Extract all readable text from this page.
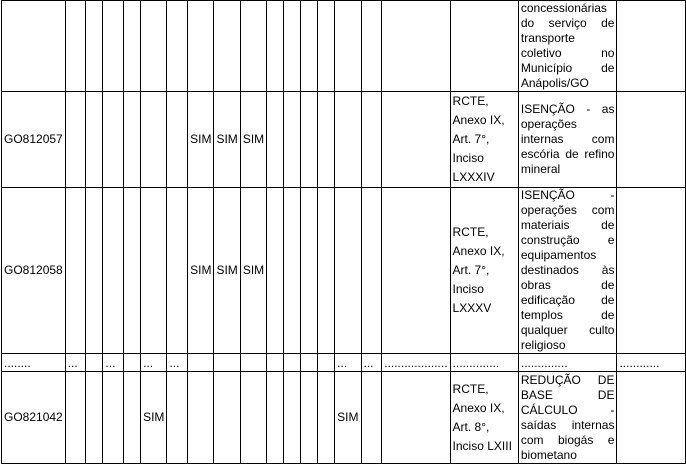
																		concessionárias do serviço de transporte coletivo no Município de Anápolis/GO	
GO812057							SIM	SIM	SIM								RCTE, Anexo IX, Art. 7°, Inciso LXXXIV	ISENÇÃO - as operações internas com escória de refino mineral	
GO812058							SIM	SIM	SIM								RCTE, Anexo IX, Art. 7°, Inciso LXXXV	ISENÇÃO - operações com materiais de construção e equipamentos destinados às obras de edificação de templos de qualquer culto religioso	
........	...		...		...	...								...	...	...................	..............	..............	............
GO821042					SIM									SIM			RCTE, Anexo IX, Art. 8°, Inciso LXIII	REDUÇÃO DE BASE DE CÁLCULO - saídas internas com biogás e biometano	
